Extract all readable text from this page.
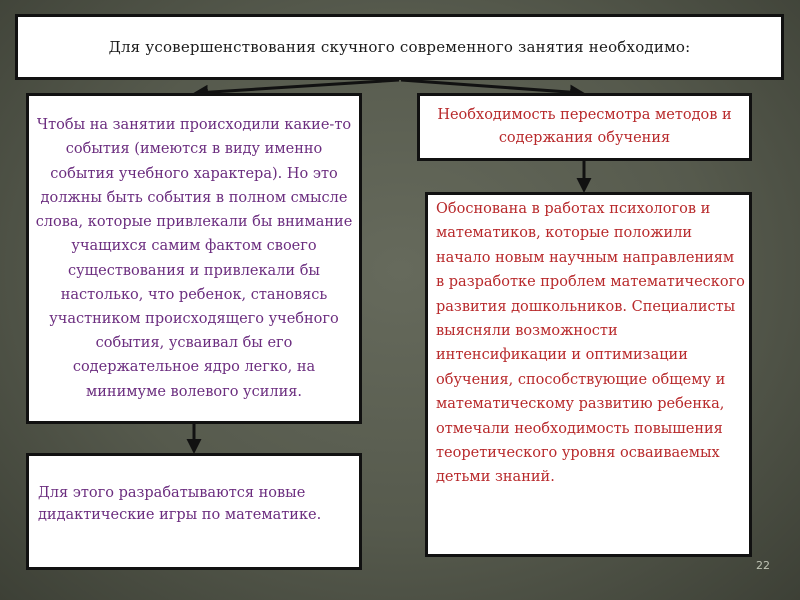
Для усовершенствования скучного современного занятия необходимо:
Чтобы на занятии происходили какие-то события (имеются в виду именно события учебного характера). Но это должны быть события в полном смысле слова, которые привлекали бы внимание учащихся самим фактом своего существования и привлекали бы настолько, что ребенок, становясь участником происходящего учебного события, усваивал бы его содержательное ядро легко, на минимуме волевого усилия.
Необходимость пересмотра методов и содержания обучения
Обоснована в работах психологов и математиков, которые положили начало новым научным направлениям в разработке проблем математического развития дошкольников. Специалисты выясняли возможности интенсификации и оптимизации обучения, способствующие общему и математическому развитию ребенка, отмечали необходимость повышения теоретического уровня осваиваемых детьми знаний.
Для этого разрабатываются новые дидактические игры по математике.
22
